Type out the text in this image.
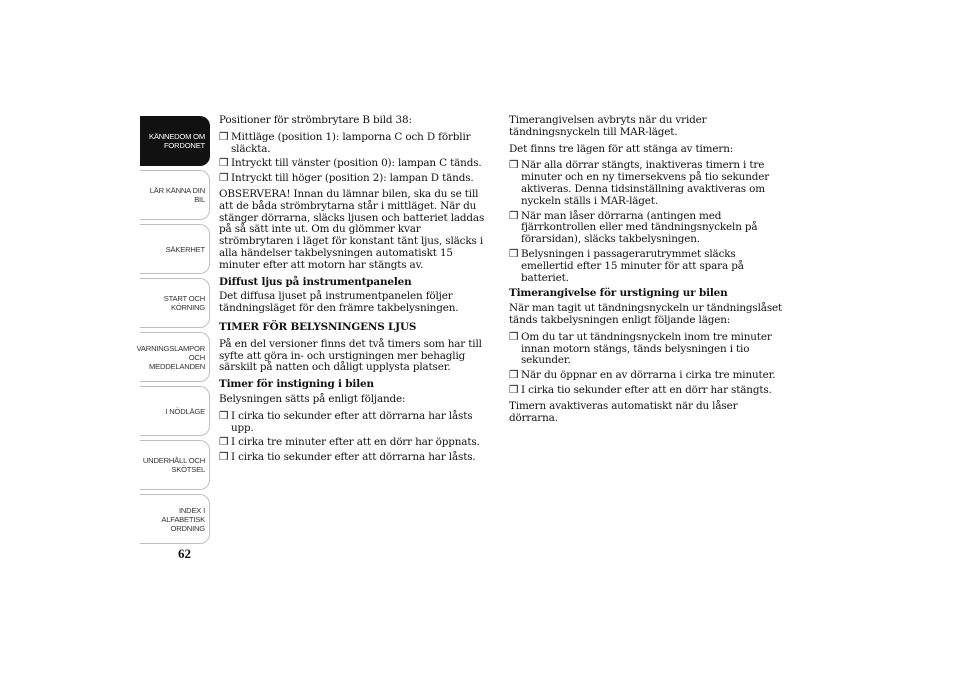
KÄNNEDOM OM
FORDONET
LÄR KÄNNA DIN
BIL
SÄKERHET
START OCH
KÖRNING
VARNINGSLAMPOR
OCH
MEDDELANDEN
I NÖDLÄGE
UNDERHÅLL OCH
SKÖTSEL
INDEX I
ALFABETISK
ORDNING
62

Positioner för strömbrytare B bild 38:

❒ Mittläge (position 1): lamporna C och D förblir släckta.
❒ Intryckt till vänster (position 0): lampan C tänds.
❒ Intryckt till höger (position 2): lampan D tänds.

OBSERVERA! Innan du lämnar bilen, ska du se till att de båda strömbrytarna står i mittläget. När du stänger dörrarna, släcks ljusen och batteriet laddas på så sätt inte ut. Om du glömmer kvar strömbrytaren i läget för konstant tänt ljus, släcks i alla händelser takbelysningen automatiskt 15 minuter efter att motorn har stängts av.

Diffust ljus på instrumentpanelen

Det diffusa ljuset på instrumentpanelen följer tändningsläget för den främre takbelysningen.

TIMER FÖR BELYSNINGENS LJUS

På en del versioner finns det två timers som har till syfte att göra in- och urstigningen mer behaglig särskilt på natten och dåligt upplysta platser.

Timer för instigning i bilen

Belysningen sätts på enligt följande:

❒ I cirka tio sekunder efter att dörrarna har låsts upp.
❒ I cirka tre minuter efter att en dörr har öppnats.
❒ I cirka tio sekunder efter att dörrarna har låsts.

Timerangivelsen avbryts när du vrider tändningsnyckeln till MAR-läget.

Det finns tre lägen för att stänga av timern:

❒ När alla dörrar stängts, inaktiveras timern i tre minuter och en ny timersekvens på tio sekunder aktiveras. Denna tidsinställning avaktiveras om nyckeln ställs i MAR-läget.
❒ När man låser dörrarna (antingen med fjärrkontrollen eller med tändningsnyckeln på förarsidan), släcks takbelysningen.
❒ Belysningen i passagerarutrymmet släcks emellertid efter 15 minuter för att spara på batteriet.
Timerangivelse för urstigning ur bilen

När man tagit ut tändningsnyckeln ur tändningslåset tänds takbelysningen enligt följande lägen:

❒ Om du tar ut tändningsnyckeln inom tre minuter innan motorn stängs, tänds belysningen i tio sekunder.
❒ När du öppnar en av dörrarna i cirka tre minuter.
❒ I cirka tio sekunder efter att en dörr har stängts.

Timern avaktiveras automatiskt när du låser dörrarna.
